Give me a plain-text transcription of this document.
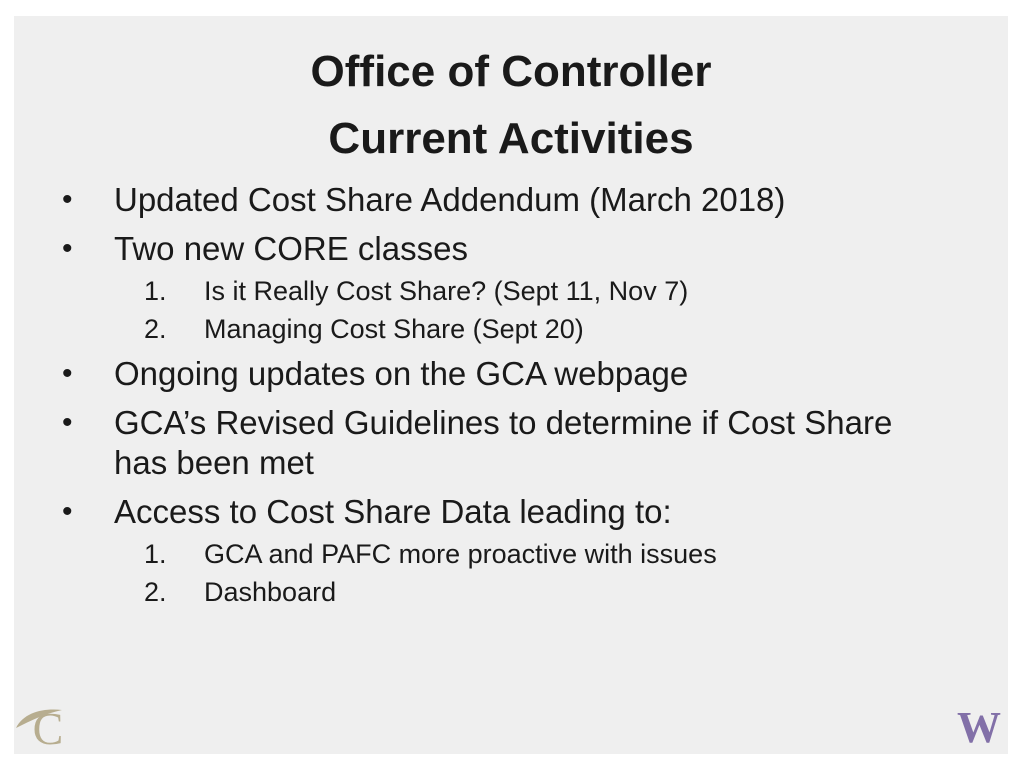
Office of Controller
Current Activities
• Updated Cost Share Addendum (March 2018)
• Two new CORE classes
1. Is it Really Cost Share? (Sept 11, Nov 7)
2. Managing Cost Share (Sept 20)
• Ongoing updates on the GCA webpage
• GCA’s Revised Guidelines to determine if Cost Share has been met
• Access to Cost Share Data leading to:
1. GCA and PAFC more proactive with issues
2. Dashboard
C	W
